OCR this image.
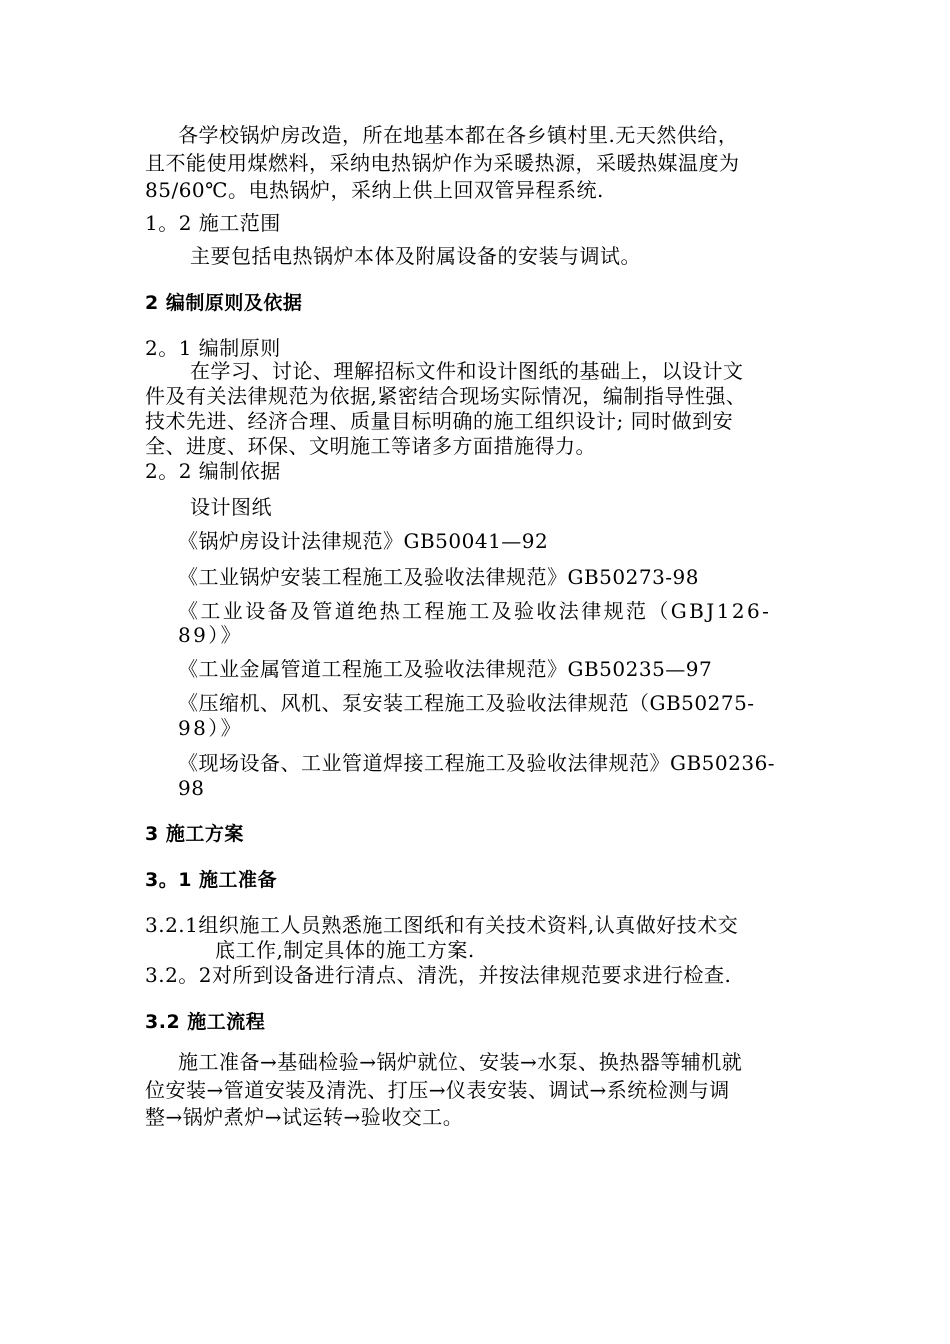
各学校锅炉房改造，所在地基本都在各乡镇村里.无天然供给，
且不能使用煤燃料，采纳电热锅炉作为采暖热源，采暖热媒温度为
85/60℃。电热锅炉，采纳上供上回双管异程系统.
1。2 施工范围
主要包括电热锅炉本体及附属设备的安装与调试。
2 编制原则及依据
2。1 编制原则
在学习、讨论、理解招标文件和设计图纸的基础上，以设计文
件及有关法律规范为依据,紧密结合现场实际情况，编制指导性强、
技术先进、经济合理、质量目标明确的施工组织设计; 同时做到安
全、进度、环保、文明施工等诸多方面措施得力。
2。2 编制依据
设计图纸
《锅炉房设计法律规范》GB50041—92
《工业锅炉安装工程施工及验收法律规范》GB50273-98
《工业设备及管道绝热工程施工及验收法律规范（GBJ126-
89）》
《工业金属管道工程施工及验收法律规范》GB50235—97
《压缩机、风机、泵安装工程施工及验收法律规范（GB50275-
98）》
《现场设备、工业管道焊接工程施工及验收法律规范》GB50236-
98
3 施工方案
3。1 施工准备
3.2.1组织施工人员熟悉施工图纸和有关技术资料,认真做好技术交
底工作,制定具体的施工方案.
3.2。2对所到设备进行清点、清洗，并按法律规范要求进行检查.
3.2 施工流程
施工准备→基础检验→锅炉就位、安装→水泵、换热器等辅机就
位安装→管道安装及清洗、打压→仪表安装、调试→系统检测与调
整→锅炉煮炉→试运转→验收交工。
